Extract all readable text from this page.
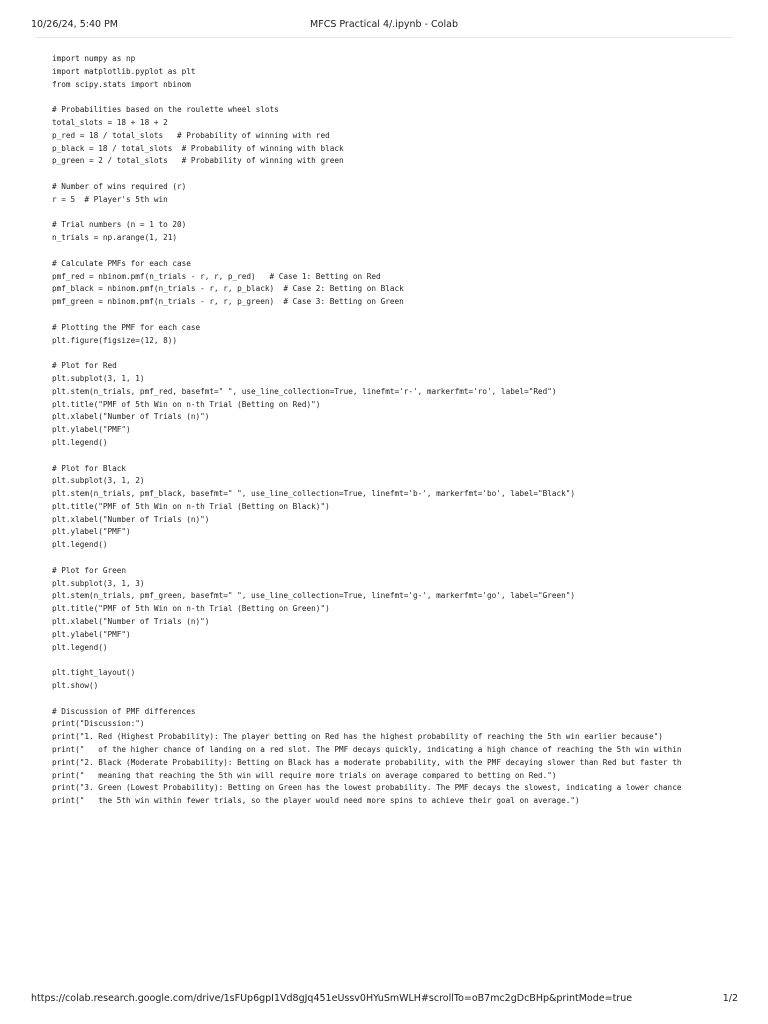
10/26/24, 5:40 PM	MFCS Practical 4/.ipynb - Colab
import numpy as np
import matplotlib.pyplot as plt
from scipy.stats import nbinom
# Probabilities based on the roulette wheel slots
total_slots = 18 + 18 + 2
p_red = 18 / total_slots   # Probability of winning with red
p_black = 18 / total_slots  # Probability of winning with black
p_green = 2 / total_slots   # Probability of winning with green
# Number of wins required (r)
r = 5  # Player's 5th win
# Trial numbers (n = 1 to 20)
n_trials = np.arange(1, 21)
# Calculate PMFs for each case
pmf_red = nbinom.pmf(n_trials - r, r, p_red)   # Case 1: Betting on Red
pmf_black = nbinom.pmf(n_trials - r, r, p_black)  # Case 2: Betting on Black
pmf_green = nbinom.pmf(n_trials - r, r, p_green)  # Case 3: Betting on Green
# Plotting the PMF for each case
plt.figure(figsize=(12, 8))
# Plot for Red
plt.subplot(3, 1, 1)
plt.stem(n_trials, pmf_red, basefmt=" ", use_line_collection=True, linefmt='r-', markerfmt='ro', label="Red")
plt.title("PMF of 5th Win on n-th Trial (Betting on Red)")
plt.xlabel("Number of Trials (n)")
plt.ylabel("PMF")
plt.legend()
# Plot for Black
plt.subplot(3, 1, 2)
plt.stem(n_trials, pmf_black, basefmt=" ", use_line_collection=True, linefmt='b-', markerfmt='bo', label="Black")
plt.title("PMF of 5th Win on n-th Trial (Betting on Black)")
plt.xlabel("Number of Trials (n)")
plt.ylabel("PMF")
plt.legend()
# Plot for Green
plt.subplot(3, 1, 3)
plt.stem(n_trials, pmf_green, basefmt=" ", use_line_collection=True, linefmt='g-', markerfmt='go', label="Green")
plt.title("PMF of 5th Win on n-th Trial (Betting on Green)")
plt.xlabel("Number of Trials (n)")
plt.ylabel("PMF")
plt.legend()
plt.tight_layout()
plt.show()
# Discussion of PMF differences
print("Discussion:")
print("1. Red (Highest Probability): The player betting on Red has the highest probability of reaching the 5th win earlier because")
print("   of the higher chance of landing on a red slot. The PMF decays quickly, indicating a high chance of reaching the 5th win within
print("2. Black (Moderate Probability): Betting on Black has a moderate probability, with the PMF decaying slower than Red but faster th
print("   meaning that reaching the 5th win will require more trials on average compared to betting on Red.")
print("3. Green (Lowest Probability): Betting on Green has the lowest probability. The PMF decays the slowest, indicating a lower chance
print("   the 5th win within fewer trials, so the player would need more spins to achieve their goal on average.")
https://colab.research.google.com/drive/1sFUp6gpI1Vd8gJq451eUssv0HYuSmWLH#scrollTo=oB7mc2gDcBHp&printMode=true	1/2
